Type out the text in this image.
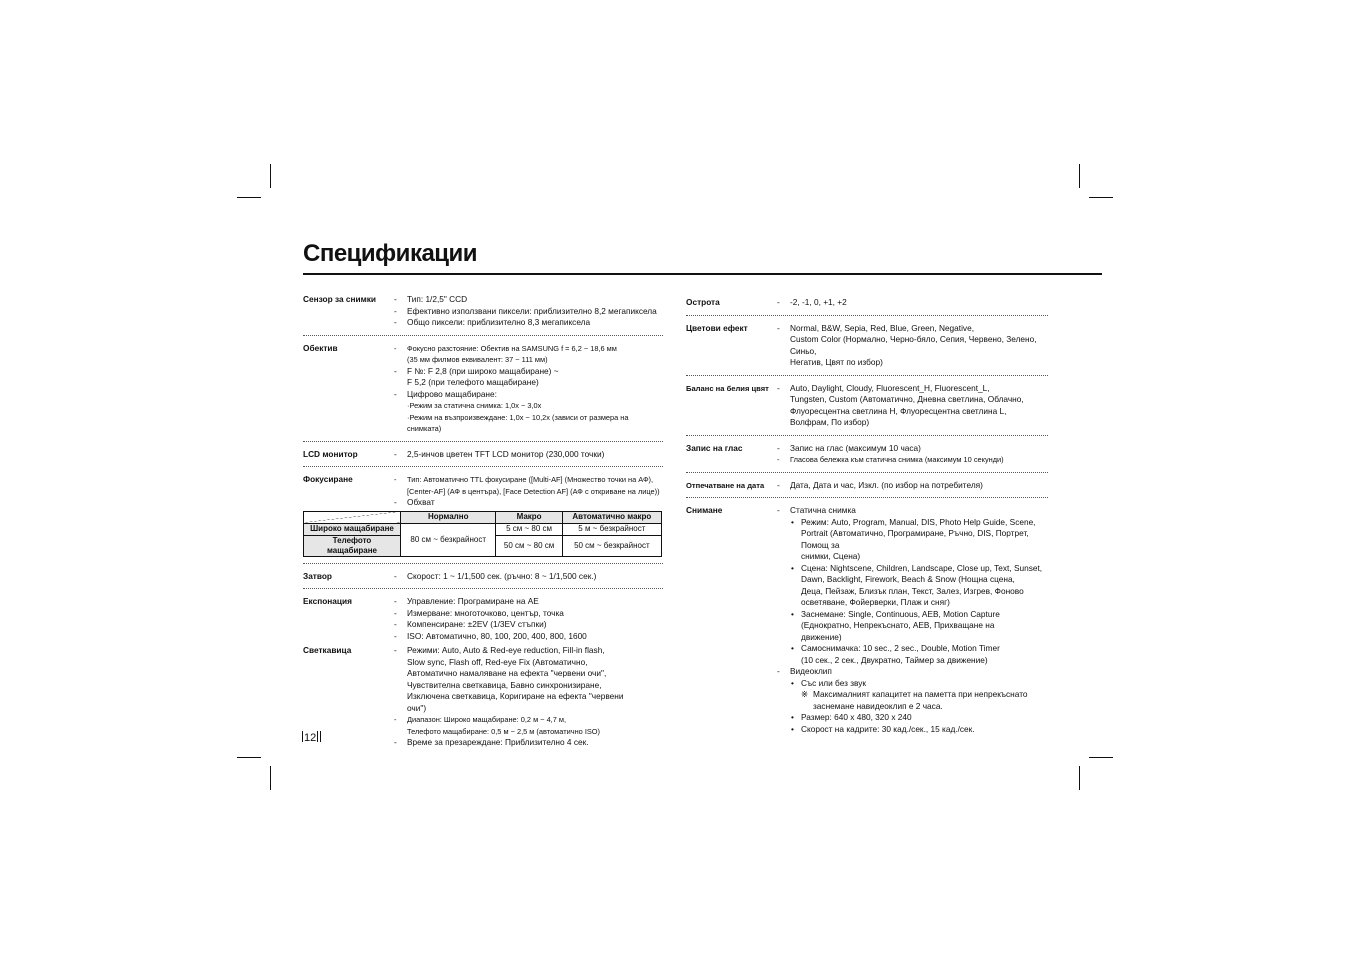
Спецификации
Сензор за снимки	-	Тип: 1/2,5" CCD
-	Ефективно използвани пиксели: приблизително 8,2 мегапиксела
-	Общо пиксели: приблизително 8,3 мегапиксела
Обектив	-	Фокусно разстояние: Обектив на SAMSUNG f = 6,2 ~ 18,6 мм
(35 мм филмов еквивалент: 37 ~ 111 мм)
-	F №: F 2,8 (при широко мащабиране) ~
F 5,2 (при телефото мащабиране)
-	Цифрово мащабиране:
·Режим за статична снимка: 1,0x ~ 3,0x
·Режим на възпроизвеждане: 1,0x ~ 10,2x (зависи от размера на
снимката)
LCD монитор	-	2,5-инчов цветен TFT LCD монитор (230,000 точки)
Фокусиране	-	Тип: Автоматично TTL фокусиране ([Multi-AF] (Множество точки на АФ),
[Center-AF] (АФ в центъра), [Face Detection AF] (АФ с откриване на лице))
-	Обхват
	Нормално	Макро	Автоматично макро
Широко мащабиране	80 см ~ безкрайност	5 см ~ 80 см	5 м ~ безкрайност
Телефото мащабиране		50 см ~ 80 см	50 см ~ безкрайност
Затвор	-	Скорост: 1 ~ 1/1,500 сек. (ръчно: 8 ~ 1/1,500 сек.)
Експонация	-	Управление: Програмиране на AE
-	Измерване: многоточково, център, точка
-	Компенсиране: ±2EV (1/3EV стъпки)
-	ISO: Автоматично, 80, 100, 200, 400, 800, 1600
Светкавица	-	Режими: Auto, Auto & Red-eye reduction, Fill-in flash,
Slow sync, Flash off, Red-eye Fix (Автоматично,
Автоматично намаляване на ефекта "червени очи",
Чувствителна светкавица, Бавно синхронизиране,
Изключена светкавица, Коригиране на ефекта "червени
очи")
-	Диапазон: Широко мащабиране: 0,2 м ~ 4,7 м,
Телефото мащабиране: 0,5 м ~ 2,5 м (автоматично ISO)
-	Време за презареждане: Приблизително 4 сек.
Острота	-	-2, -1, 0, +1, +2
Цветови ефект	-	Normal, B&W, Sepia, Red, Blue, Green, Negative,
Custom Color (Нормално, Черно-бяло, Сепия, Червено, Зелено, Синьо,
Негатив, Цвят по избор)
Баланс на белия цвят -	Auto, Daylight, Cloudy, Fluorescent_H, Fluorescent_L,
Tungsten, Custom (Автоматично, Дневна светлина, Облачно,
Флуоресцентна светлина H, Флуоресцентна светлина L,
Волфрам, По избор)
Запис на глас	-	Запис на глас (максимум 10 часа)
-	Гласова бележка към статична снимка (максимум 10 секунди)
Отпечатване на дата	-	Дата, Дата и час, Изкл. (по избор на потребителя)
Снимане	-	Статична снимка
• Режим: Auto, Program, Manual, DIS, Photo Help Guide, Scene,
Portrait (Автоматично, Програмиране, Ръчно, DIS, Портрет, Помощ за
снимки, Сцена)
• Сцена: Nightscene, Children, Landscape, Close up, Text, Sunset,
Dawn, Backlight, Firework, Beach & Snow (Нощна сцена,
Деца, Пейзаж, Близък план, Текст, Залез, Изгрев, Фоново
осветяване, Фойерверки, Плаж и сняг)
• Заснемане: Single, Continuous, AEB, Motion Capture
(Еднократно, Непрекъснато, AEB, Прихващане на
движение)
• Самоснимачка: 10 sec., 2 sec., Double, Motion Timer
(10 сек., 2 сек., Двукратно, Таймер за движение)
-	Видеоклип
• Със или без звук
※ Максималният капацитет на паметта при непрекъснато
заснемане навидеоклип е 2 часа.
• Размер: 640 x 480, 320 x 240
• Скорост на кадрите: 30 кад./сек., 15 кад./сек.
12
